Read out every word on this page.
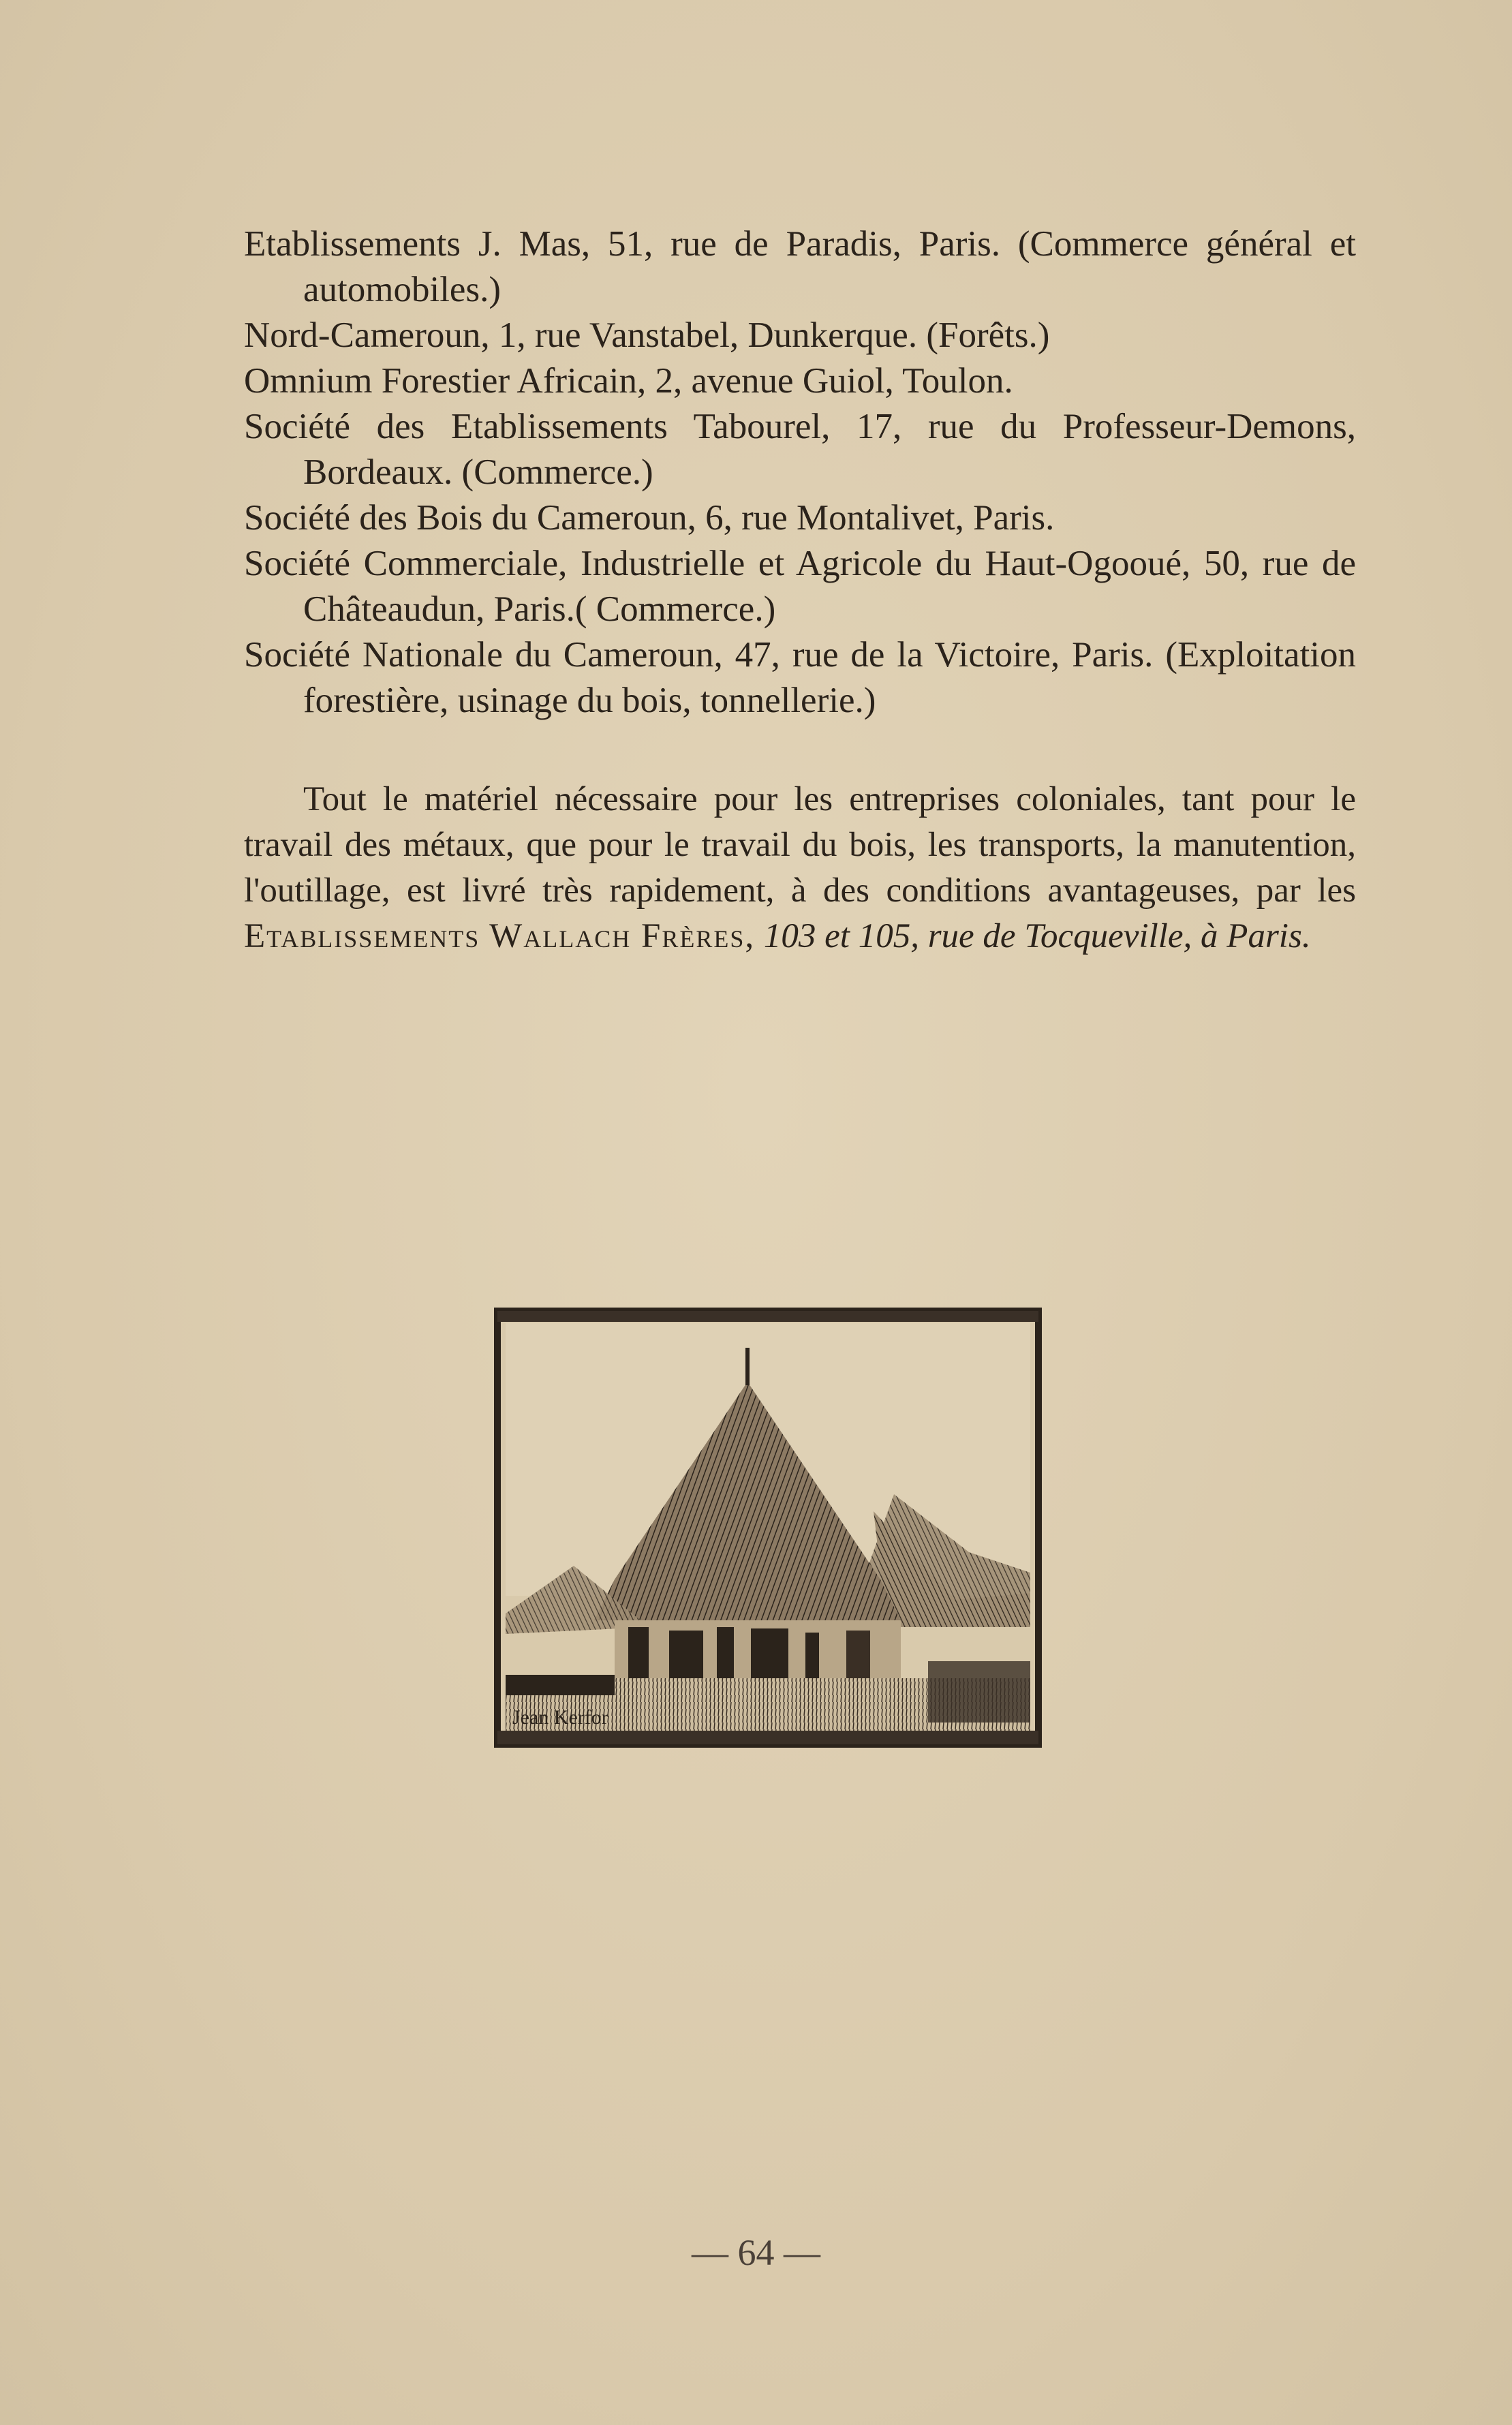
Etablissements J. Mas, 51, rue de Paradis, Paris. (Commerce général et automobiles.)

Nord-Cameroun, 1, rue Vanstabel, Dunkerque. (Forêts.)

Omnium Forestier Africain, 2, avenue Guiol, Toulon.

Société des Etablissements Tabourel, 17, rue du Professeur-Demons, Bordeaux. (Commerce.)

Société des Bois du Cameroun, 6, rue Montalivet, Paris.

Société Commerciale, Industrielle et Agricole du Haut-Ogooué, 50, rue de Châteaudun, Paris.( Commerce.)

Société Nationale du Cameroun, 47, rue de la Victoire, Paris. (Exploitation forestière, usinage du bois, tonnellerie.)

Tout le matériel nécessaire pour les entreprises coloniales, tant pour le travail des métaux, que pour le travail du bois, les transports, la manutention, l'outillage, est livré très rapidement, à des conditions avantageuses, par les Etablissements Wallach Frères, 103 et 105, rue de Tocqueville, à Paris.

Jean Kerfor
— 64 —
